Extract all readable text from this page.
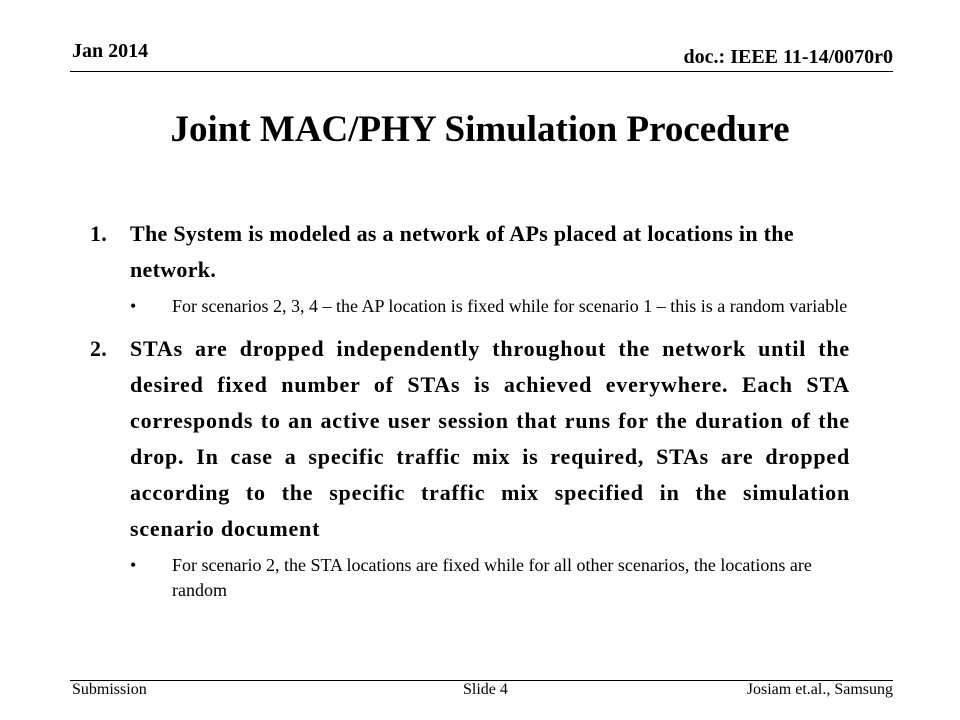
Jan 2014	doc.: IEEE 11-14/0070r0
Joint MAC/PHY Simulation Procedure
1.	The System is modeled as a network of APs placed at locations in the network.
•	For scenarios 2, 3, 4 – the AP location is fixed while for scenario 1 – this is a random variable
2.	STAs are dropped independently throughout the network until the desired fixed number of STAs is achieved everywhere. Each STA corresponds to an active user session that runs for the duration of the drop. In case a specific traffic mix is required, STAs are dropped according to the specific traffic mix specified in the simulation scenario document
•	For scenario 2, the STA locations are fixed while for all other scenarios, the locations are random
Submission	Slide 4	Josiam et.al., Samsung
